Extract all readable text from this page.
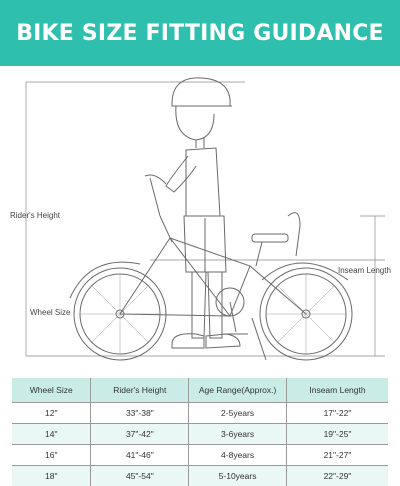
BIKE SIZE FITTING GUIDANCE
Rider's Height
Wheel Size
Inseam Length
Wheel Size	Rider's Height	Age Range(Approx.)	Inseam Length
12"	33"-38"	2-5years	17"-22"
14"	37"-42"	3-6years	19"-25"
16"	41"-46"	4-8years	21"-27"
18"	45"-54"	5-10years	22"-29"
